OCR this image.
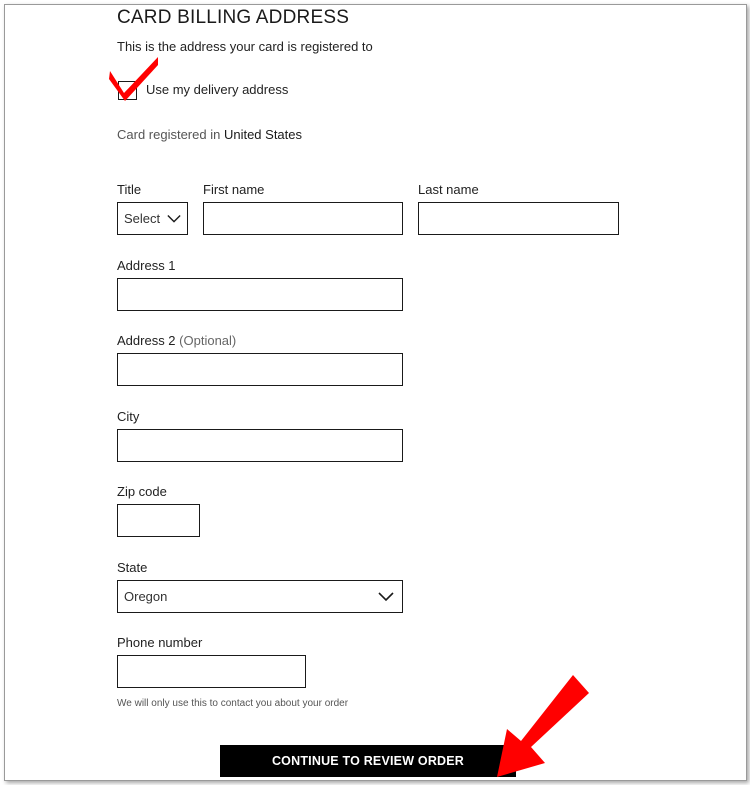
CARD BILLING ADDRESS
This is the address your card is registered to
Use my delivery address
Card registered in United States
Title
Select
First name	Last name
Address 1
Address 2 (Optional)
City
Zip code
State
Oregon
Phone number
We will only use this to contact you about your order
CONTINUE TO REVIEW ORDER
